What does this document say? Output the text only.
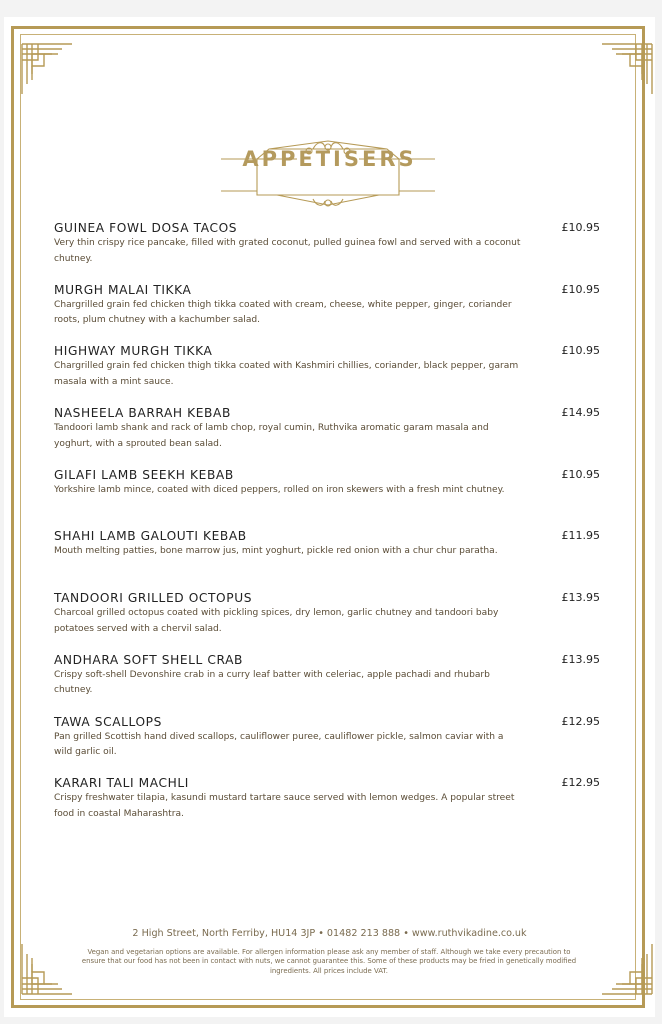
APPETISERS
GUINEA FOWL DOSA TACOS	£10.95
Very thin crispy rice pancake, filled with grated coconut, pulled guinea fowl and served with a coconut chutney.
MURGH MALAI TIKKA	£10.95
Chargrilled grain fed chicken thigh tikka coated with cream, cheese, white pepper, ginger, coriander roots, plum chutney with a kachumber salad.
HIGHWAY MURGH TIKKA	£10.95
Chargrilled grain fed chicken thigh tikka coated with Kashmiri chillies, coriander, black pepper, garam masala with a mint sauce.
NASHEELA BARRAH KEBAB	£14.95
Tandoori lamb shank and rack of lamb chop, royal cumin, Ruthvika aromatic garam masala and yoghurt, with a sprouted bean salad.
GILAFI LAMB SEEKH KEBAB	£10.95
Yorkshire lamb mince, coated with diced peppers, rolled on iron skewers with a fresh mint chutney.
SHAHI LAMB GALOUTI KEBAB	£11.95
Mouth melting patties, bone marrow jus, mint yoghurt, pickle red onion with a chur chur paratha.
TANDOORI GRILLED OCTOPUS	£13.95
Charcoal grilled octopus coated with pickling spices, dry lemon, garlic chutney and tandoori baby potatoes served with a chervil salad.
ANDHARA SOFT SHELL CRAB	£13.95
Crispy soft-shell Devonshire crab in a curry leaf batter with celeriac, apple pachadi and rhubarb chutney.
TAWA SCALLOPS	£12.95
Pan grilled Scottish hand dived scallops, cauliflower puree, cauliflower pickle, salmon caviar with a wild garlic oil.
KARARI TALI MACHLI	£12.95
Crispy freshwater tilapia, kasundi mustard tartare sauce served with lemon wedges. A popular street food in coastal Maharashtra.
2 High Street, North Ferriby, HU14 3JP • 01482 213 888 • www.ruthvikadine.co.uk
Vegan and vegetarian options are available. For allergen information please ask any member of staff. Although we take every precaution to ensure that our food has not been in contact with nuts, we cannot guarantee this. Some of these products may be fried in genetically modified ingredients. All prices include VAT.
